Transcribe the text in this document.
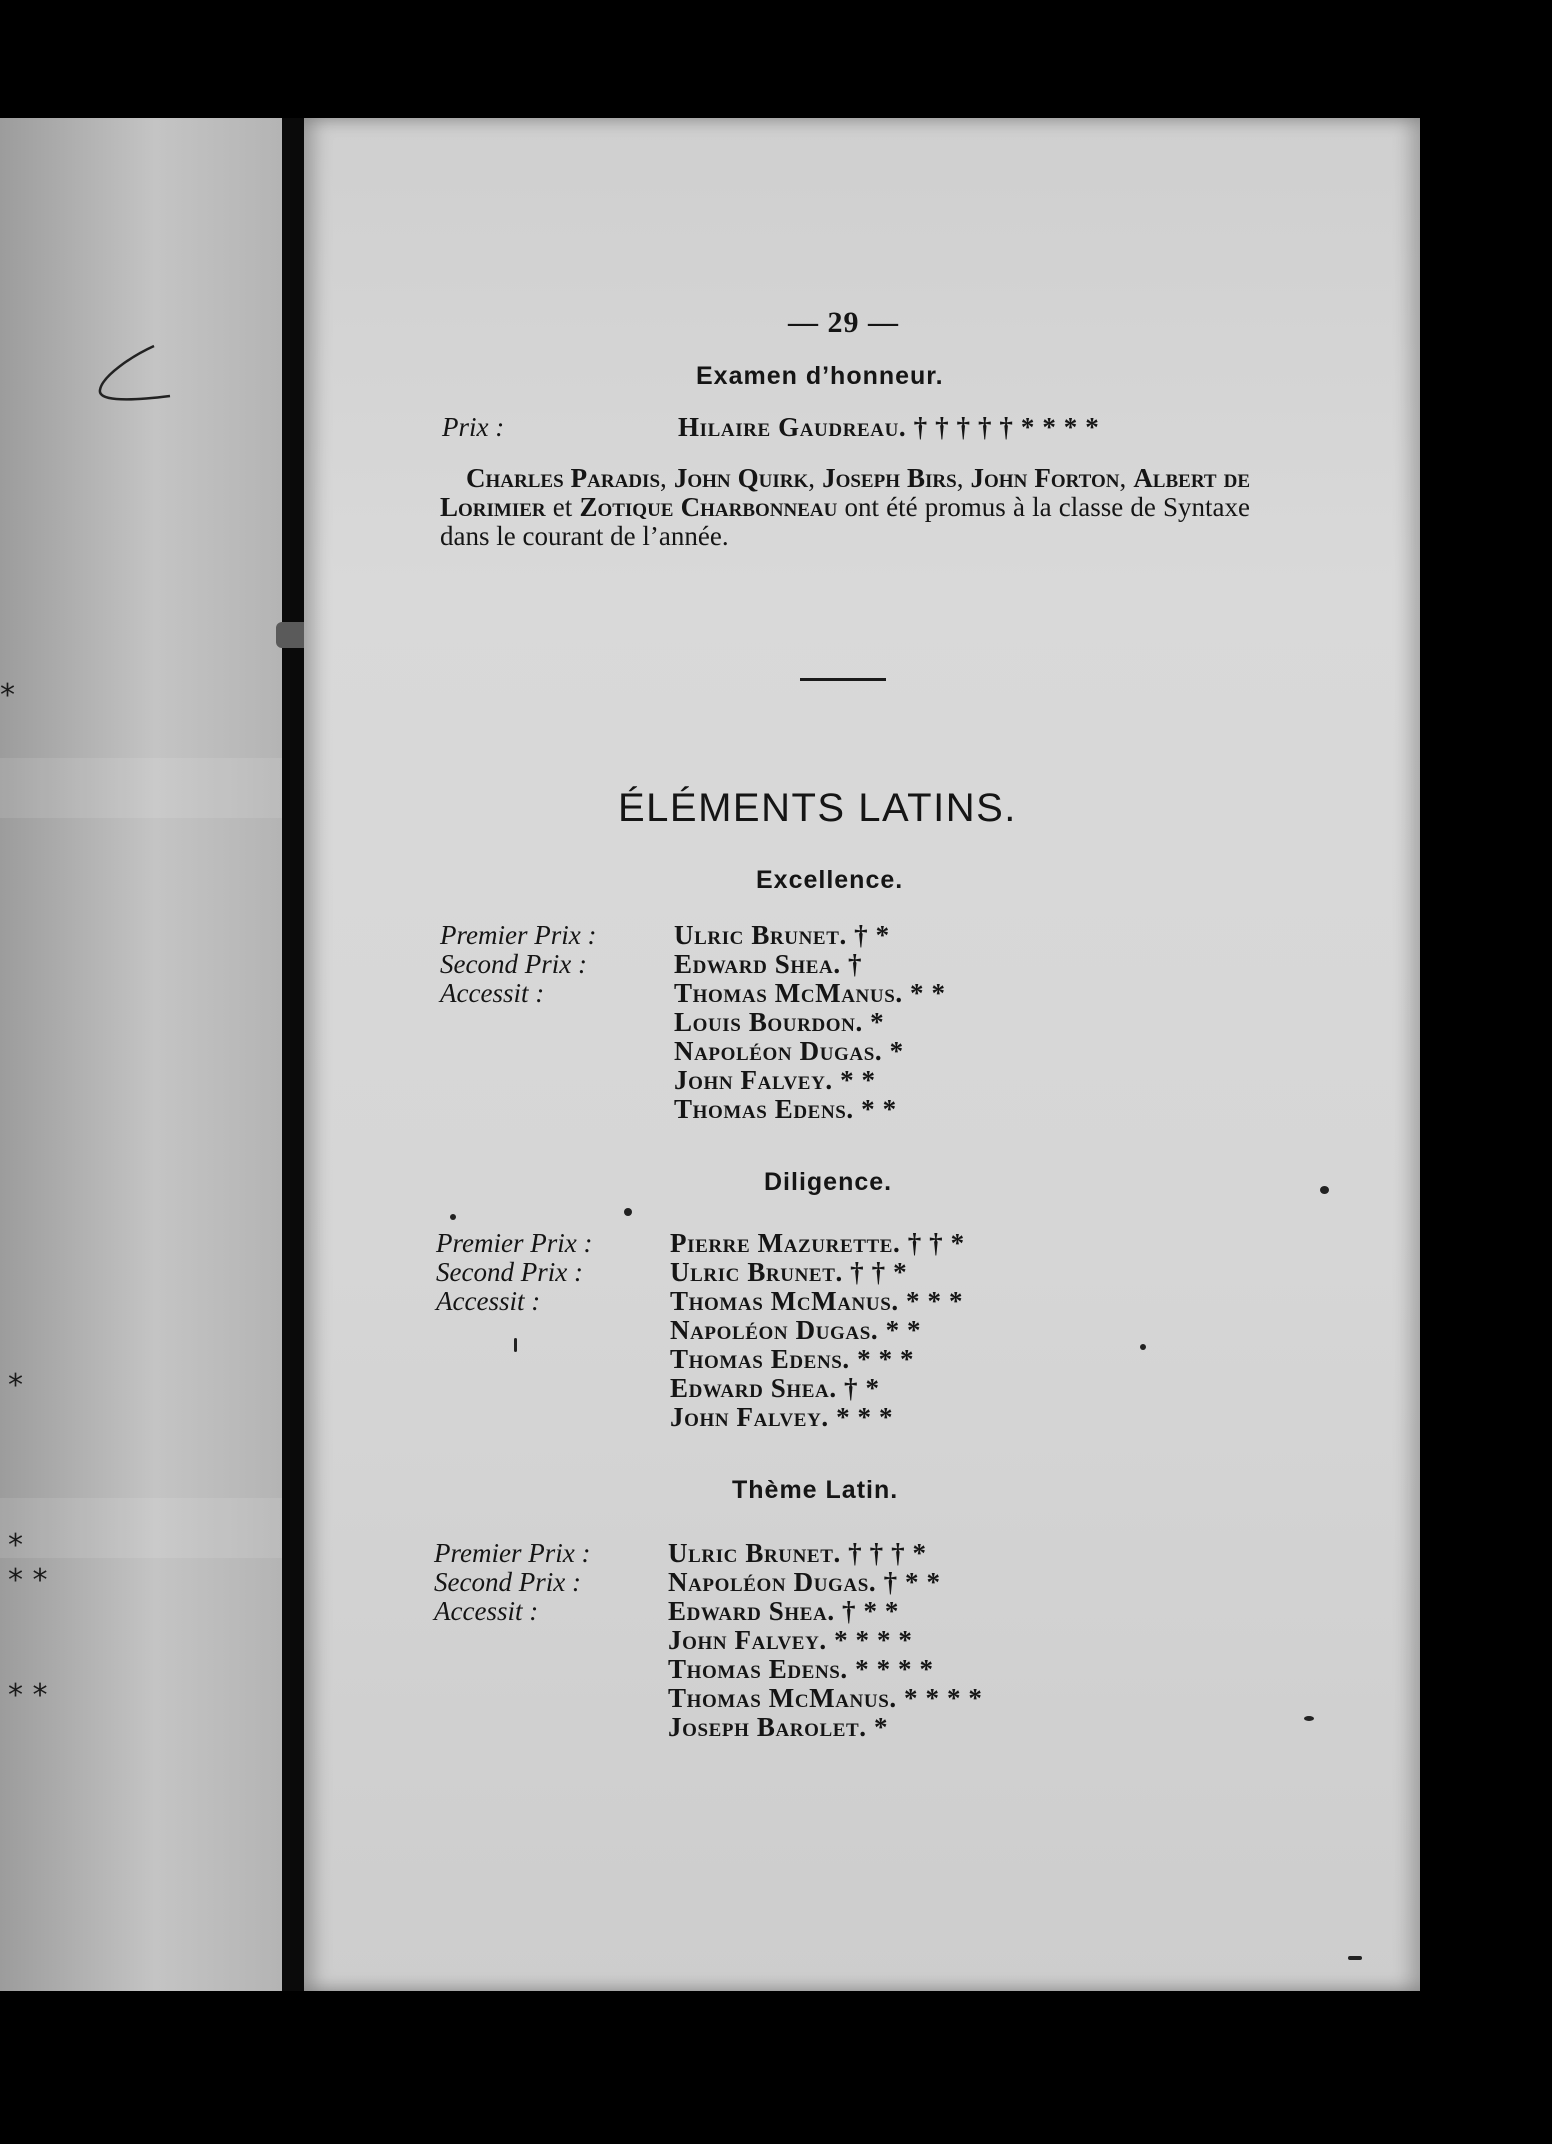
*
*
*
* *
* *
— 29 —
Examen d’honneur.
Prix :	Hilaire Gaudreau. † † † † † * * * *
Charles Paradis, John Quirk, Joseph Birs, John Forton, Albert de Lorimier et Zotique Charbonneau ont été promus à la classe de Syntaxe dans le courant de l’année.
ÉLÉMENTS LATINS.
Excellence.
Premier Prix :
Second Prix :
Accessit :
Ulric Brunet. † *
Edward Shea. †
Thomas McManus. * *
Louis Bourdon. *
Napoléon Dugas. *
John Falvey. * *
Thomas Edens. * *
Diligence.
Premier Prix :
Second Prix :
Accessit :
Pierre Mazurette. † † *
Ulric Brunet. † † *
Thomas McManus. * * *
Napoléon Dugas. * *
Thomas Edens. * * *
Edward Shea. † *
John Falvey. * * *
Thème Latin.
Premier Prix :
Second Prix :
Accessit :
Ulric Brunet. † † † *
Napoléon Dugas. † * *
Edward Shea. † * *
John Falvey. * * * *
Thomas Edens. * * * *
Thomas McManus. * * * *
Joseph Barolet. *
